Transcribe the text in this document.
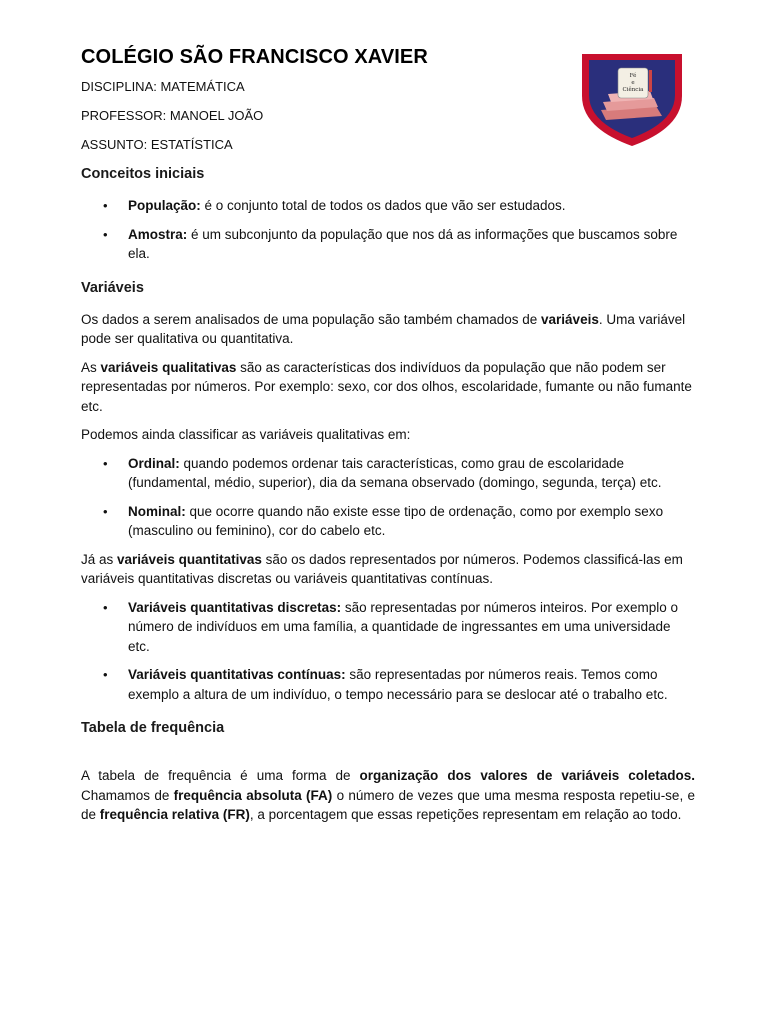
COLÉGIO SÃO FRANCISCO XAVIER
DISCIPLINA: MATEMÁTICA
PROFESSOR: MANOEL JOÃO
ASSUNTO: ESTATÍSTICA
Fé
e
Ciência
Conceitos iniciais
• População: é o conjunto total de todos os dados que vão ser estudados.
• Amostra: é um subconjunto da população que nos dá as informações que buscamos sobre ela.
Variáveis

Os dados a serem analisados de uma população são também chamados de variáveis. Uma variável pode ser qualitativa ou quantitativa.

As variáveis qualitativas são as características dos indivíduos da população que não podem ser representadas por números. Por exemplo: sexo, cor dos olhos, escolaridade, fumante ou não fumante etc.

Podemos ainda classificar as variáveis qualitativas em:

• Ordinal: quando podemos ordenar tais características, como grau de escolaridade (fundamental, médio, superior), dia da semana observado (domingo, segunda, terça) etc.
• Nominal: que ocorre quando não existe esse tipo de ordenação, como por exemplo sexo (masculino ou feminino), cor do cabelo etc.

Já as variáveis quantitativas são os dados representados por números. Podemos classificá-las em variáveis quantitativas discretas ou variáveis quantitativas contínuas.

• Variáveis quantitativas discretas: são representadas por números inteiros. Por exemplo o número de indivíduos em uma família, a quantidade de ingressantes em uma universidade etc.
• Variáveis quantitativas contínuas: são representadas por números reais. Temos como exemplo a altura de um indivíduo, o tempo necessário para se deslocar até o trabalho etc.
Tabela de frequência

A tabela de frequência é uma forma de organização dos valores de variáveis coletados. Chamamos de frequência absoluta (FA) o número de vezes que uma mesma resposta repetiu-se, e de frequência relativa (FR), a porcentagem que essas repetições representam em relação ao todo.
